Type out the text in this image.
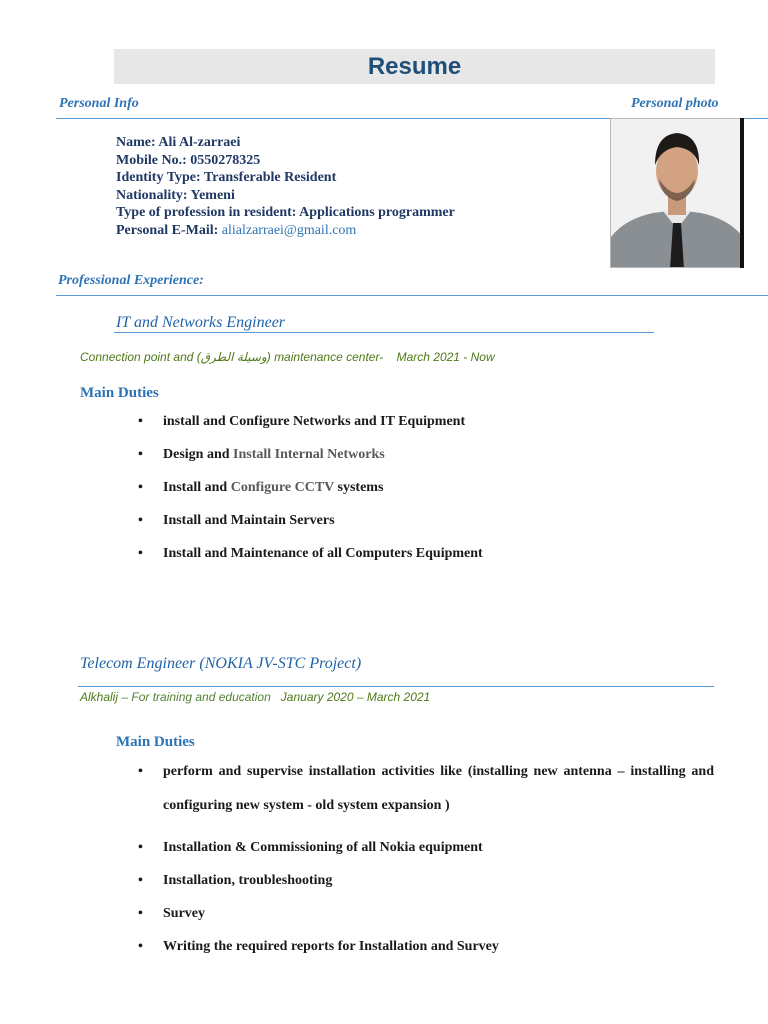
Resume
Personal Info	Personal photo
Name: Ali Al-zarraei
Mobile No.: 0550278325
Identity Type: Transferable Resident
Nationality: Yemeni
Type of profession in resident: Applications programmer
Personal E-Mail: alialzarraei@gmail.com
Professional Experience:
IT and Networks Engineer
Connection point and (وسيلة الطرق) maintenance center- March 2021 - Now
Main Duties
• install and Configure Networks and IT Equipment
• Design and Install Internal Networks
• Install and Configure CCTV systems
• Install and Maintain Servers
• Install and Maintenance of all Computers Equipment
Telecom Engineer (NOKIA JV-STC Project)
Alkhalij – For training and education January 2020 – March 2021
Main Duties
• perform and supervise installation activities like (installing new antenna – installing and configuring new system - old system expansion )
• Installation & Commissioning of all Nokia equipment
• Installation, troubleshooting
• Survey
• Writing the required reports for Installation and Survey
